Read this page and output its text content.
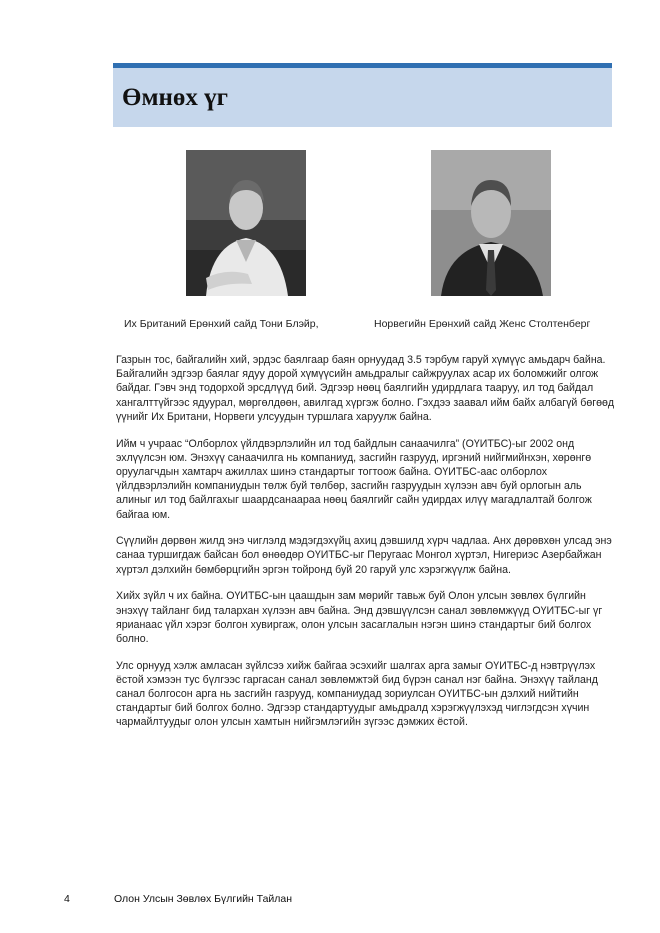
Өмнөх үг
Их Британий Ерөнхий сайд Тони Блэйр,	Норвегийн Ерөнхий сайд Женс Столтенберг

Газрын тос, байгалийн хий, эрдэс баялгаар баян орнуудад 3.5 тэрбум гаруй хүмүүс амьдарч байна. Байгалийн эдгээр баялаг ядуу дорой хүмүүсийн амьдралыг сайжруулах асар их боломжийг олгож байдаг. Гэвч энд тодорхой эрсдлүүд бий. Эдгээр нөөц баялгийн удирдлага тааруу, ил тод байдал хангалттүйгээс ядуурал, мөргөлдөөн, авилгад хүргэж болно. Гэхдээ заавал ийм байх албагүй бөгөөд үүнийг Их Британи, Норвеги улсуудын туршлага харуулж байна.

Ийм ч учраас “Олборлох үйлдвэрлэлийн ил тод байдлын санаачилга” (ОҮИТБС)-ыг 2002 онд эхлүүлсэн юм. Энэхүү санаачилга нь компаниуд, засгийн газрууд, иргэний нийгмийнхэн, хөрөнгө оруулагчдын хамтарч ажиллах шинэ стандартыг тогтоож байна. ОҮИТБС-аас олборлох үйлдвэрлэлийн компаниудын төлж буй төлбөр, засгийн газруудын хүлээн авч буй орлогын аль алиныг ил тод байлгахыг шаардсанаараа нөөц баялгийг сайн удирдах илүү магадлалтай болгож байгаа юм.

Сүүлийн дөрвөн жилд энэ чиглэлд мэдэгдэхүйц ахиц дэвшилд хүрч чадлаа. Анх дөрөвхөн улсад энэ санаа туршигдаж байсан бол өнөөдөр ОҮИТБС-ыг Перугаас Монгол хүртэл, Нигериэс Азербайжан хүртэл дэлхийн бөмбөрцгийн эргэн тойронд буй 20 гаруй улс хэрэгжүүлж байна.

Хийх зүйл ч их байна. ОҮИТБС-ын цаашдын зам мөрийг тавьж буй Олон улсын зөвлөх бүлгийн энэхүү тайланг бид талархан хүлээн авч байна. Энд дэвшүүлсэн санал зөвлөмжүүд ОҮИТБС-ыг үг ярианаас үйл хэрэг болгон хувиргаж, олон улсын засаглалын нэгэн шинэ стандартыг бий болгох болно.

Улс орнууд хэлж амласан зүйлсээ хийж байгаа эсэхийг шалгах арга замыг ОҮИТБС-д нэвтрүүлэх ёстой хэмээн тус бүлгээс гаргасан санал зөвлөмжтэй бид бүрэн санал нэг байна. Энэхүү тайланд санал болгосон арга нь засгийн газрууд, компаниудад зориулсан ОҮИТБС-ын дэлхий нийтийн стандартыг бий болгох болно. Эдгээр стандартуудыг амьдралд хэрэгжүүлэхэд чиглэгдсэн хүчин чармайлтуудыг олон улсын хамтын нийгэмлэгийн зүгээс дэмжих ёстой.

4	Олон Улсын Зөвлөх Бүлгийн Тайлан
